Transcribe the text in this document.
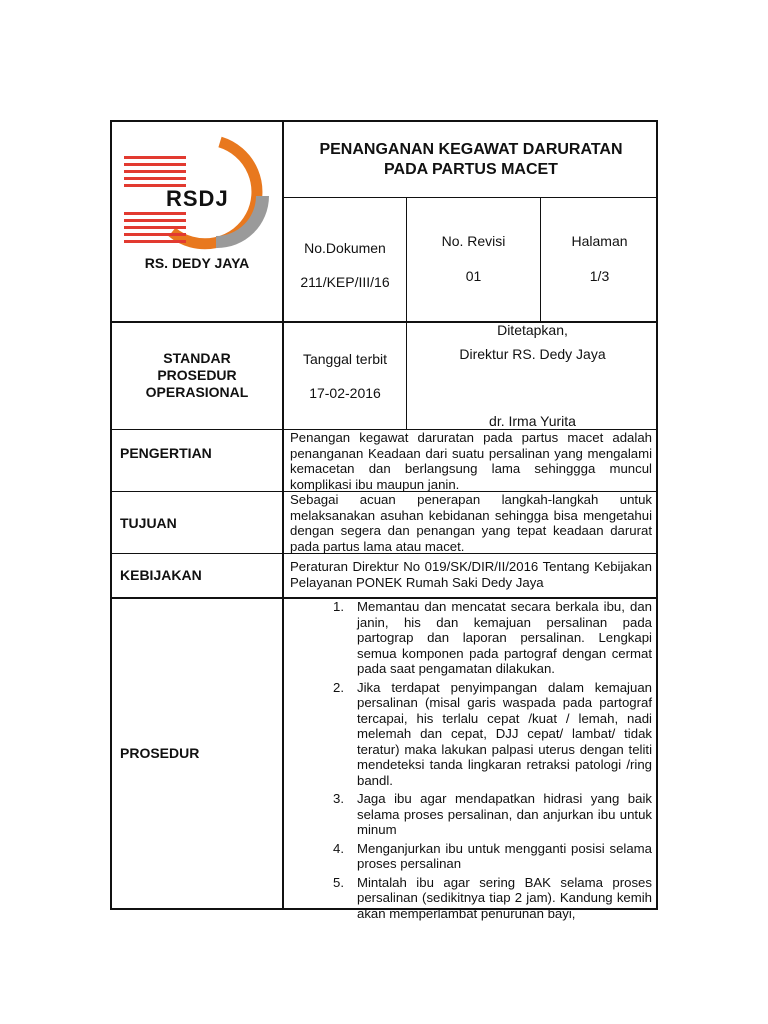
RSDJ
RS. DEDY JAYA
PENANGANAN KEGAWAT DARURATAN
PADA PARTUS MACET
No.Dokumen
211/KEP/III/16
No. Revisi
01
Halaman
1/3
STANDAR
PROSEDUR
OPERASIONAL
Tanggal terbit
17-02-2016
Ditetapkan,
Direktur RS. Dedy Jaya
dr. Irma Yurita
PENGERTIAN
Penangan kegawat daruratan pada partus macet adalah penanganan Keadaan dari suatu persalinan yang mengalami kemacetan dan berlangsung lama sehinggga muncul komplikasi ibu maupun janin.
TUJUAN
Sebagai acuan penerapan langkah-langkah untuk melaksanakan asuhan kebidanan sehingga bisa mengetahui dengan segera dan penangan yang tepat keadaan darurat pada partus lama atau macet.
KEBIJAKAN
Peraturan Direktur No 019/SK/DIR/II/2016 Tentang Kebijakan Pelayanan PONEK Rumah Saki Dedy Jaya
PROSEDUR
1. Memantau dan mencatat secara berkala ibu, dan janin, his dan kemajuan persalinan pada partograp dan laporan persalinan. Lengkapi semua komponen pada partograf dengan cermat pada saat pengamatan dilakukan.
2. Jika terdapat penyimpangan dalam kemajuan persalinan (misal garis waspada pada partograf tercapai, his terlalu cepat /kuat / lemah, nadi melemah dan cepat, DJJ cepat/ lambat/ tidak teratur) maka lakukan palpasi uterus dengan teliti mendeteksi tanda lingkaran retraksi patologi /ring bandl.
3. Jaga ibu agar mendapatkan hidrasi yang baik selama proses persalinan, dan anjurkan ibu untuk minum
4. Menganjurkan ibu untuk mengganti posisi selama proses persalinan
5. Mintalah ibu agar sering BAK selama proses persalinan (sedikitnya tiap 2 jam). Kandung kemih akan memperlambat penurunan bayi,
